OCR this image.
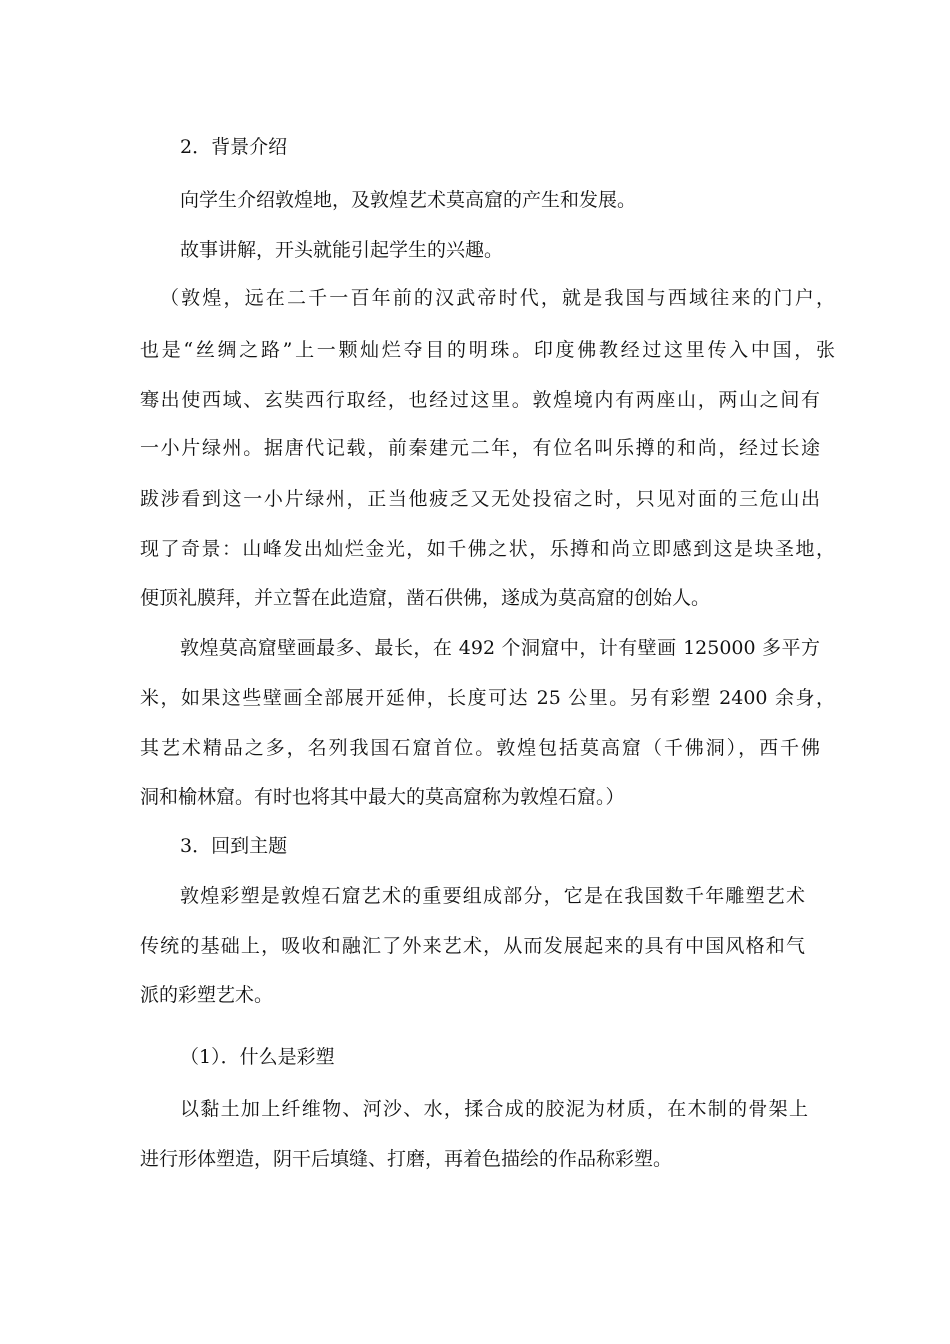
2．背景介绍

向学生介绍敦煌地，及敦煌艺术莫高窟的产生和发展。

故事讲解，开头就能引起学生的兴趣。

（敦煌，远在二千一百年前的汉武帝时代，就是我国与西域往来的门户，

也是“丝绸之路”上一颗灿烂夺目的明珠。印度佛教经过这里传入中国，张

骞出使西域、玄奘西行取经，也经过这里。敦煌境内有两座山，两山之间有

一小片绿州。据唐代记载，前秦建元二年，有位名叫乐撙的和尚，经过长途

跋涉看到这一小片绿州，正当他疲乏又无处投宿之时，只见对面的三危山出

现了奇景：山峰发出灿烂金光，如千佛之状，乐撙和尚立即感到这是块圣地，

便顶礼膜拜，并立誓在此造窟，凿石供佛，遂成为莫高窟的创始人。

敦煌莫高窟壁画最多、最长，在 492 个洞窟中，计有壁画 125000 多平方

米，如果这些壁画全部展开延伸，长度可达 25 公里。另有彩塑 2400 余身，

其艺术精品之多，名列我国石窟首位。敦煌包括莫高窟（千佛洞），西千佛

洞和榆林窟。有时也将其中最大的莫高窟称为敦煌石窟。）

3．回到主题

敦煌彩塑是敦煌石窟艺术的重要组成部分，它是在我国数千年雕塑艺术

传统的基础上，吸收和融汇了外来艺术，从而发展起来的具有中国风格和气

派的彩塑艺术。

（1）．什么是彩塑

以黏土加上纤维物、河沙、水，揉合成的胶泥为材质，在木制的骨架上

进行形体塑造，阴干后填缝、打磨，再着色描绘的作品称彩塑。
